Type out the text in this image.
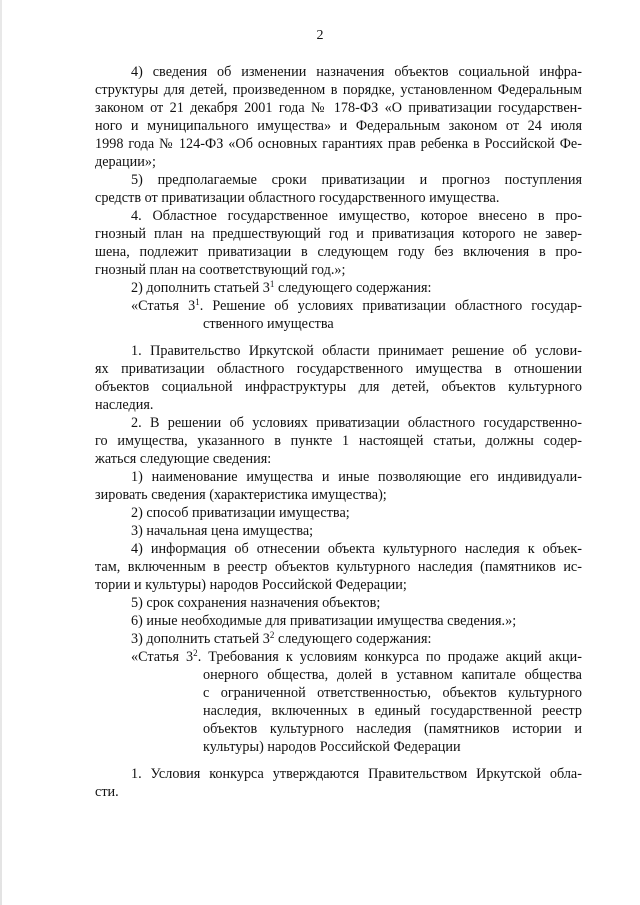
2
4) сведения об изменении назначения объектов социальной инфра-
структуры для детей, произведенном в порядке, установленном Федеральным
законом от 21 декабря 2001 года № 178-ФЗ «О приватизации государствен-
ного и муниципального имущества» и Федеральным законом от 24 июля
1998 года № 124-ФЗ «Об основных гарантиях прав ребенка в Российской Фе-
дерации»;
5) предполагаемые сроки приватизации и прогноз поступления
средств от приватизации областного государственного имущества.
4. Областное государственное имущество, которое внесено в про-
гнозный план на предшествующий год и приватизация которого не завер-
шена, подлежит приватизации в следующем году без включения в про-
гнозный план на соответствующий год.»;
2) дополнить статьей $3^1$ следующего содержания:
«Статья $3^1$. Решение об условиях приватизации областного государ-
ственного имущества
1. Правительство Иркутской области принимает решение об услови-
ях приватизации областного государственного имущества в отношении
объектов социальной инфраструктуры для детей, объектов культурного
наследия.
2. В решении об условиях приватизации областного государственно-
го имущества, указанного в пункте 1 настоящей статьи, должны содер-
жаться следующие сведения:
1) наименование имущества и иные позволяющие его индивидуали-
зировать сведения (характеристика имущества);
2) способ приватизации имущества;
3) начальная цена имущества;
4) информация об отнесении объекта культурного наследия к объек-
там, включенным в реестр объектов культурного наследия (памятников ис-
тории и культуры) народов Российской Федерации;
5) срок сохранения назначения объектов;
6) иные необходимые для приватизации имущества сведения.»;
3) дополнить статьей $3^2$ следующего содержания:
«Статья $3^2$. Требования к условиям конкурса по продаже акций акци-
онерного общества, долей в уставном капитале общества
с ограниченной ответственностью, объектов культурного
наследия, включенных в единый государственной реестр
объектов культурного наследия (памятников истории и
культуры) народов Российской Федерации
1. Условия конкурса утверждаются Правительством Иркутской обла-
сти.
